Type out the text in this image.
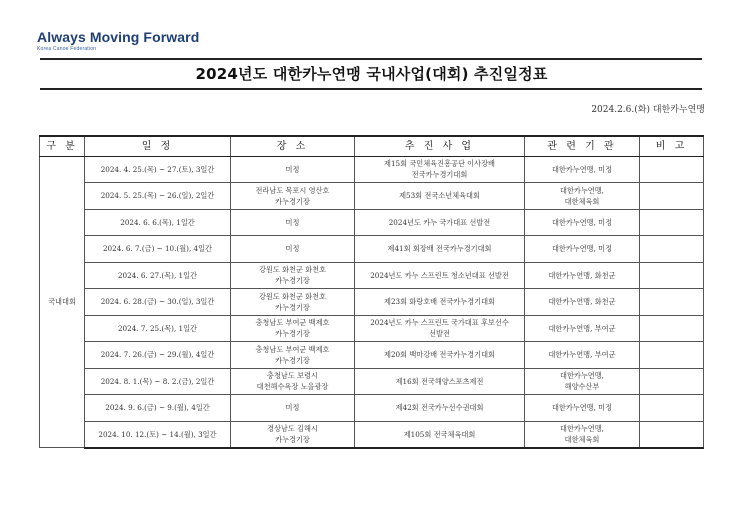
Always Moving Forward
Korea Canoe Federation
2024년도 대한카누연맹 국내사업(대회) 추진일정표
2024.2.6.(화) 대한카누연맹
구 분	일 정	장 소	추 진 사 업	관 련 기 관	비 고
국내대회	2024. 4. 25.(목) ~ 27.(토), 3일간	미정	제15회 국민체육진흥공단 이사장배
전국카누경기대회	대한카누연맹, 미정	
	2024. 5. 25.(목) ~ 26.(일), 2일간	전라남도 목포시 영산호
카누경기장	제53회 전국소년체육대회	대한카누연맹,
대한체육회	
	2024. 6. 6.(목), 1일간	미정	2024년도 카누 국가대표 선발전	대한카누연맹, 미정	
	2024. 6. 7.(금) ~ 10.(월), 4일간	미정	제41회 회장배 전국카누경기대회	대한카누연맹, 미정	
	2024. 6. 27.(목), 1일간	강원도 화천군 화천호
카누경기장	2024년도 카누 스프린트 청소년대표 선발전	대한카누연맹, 화천군	
	2024. 6. 28.(금) ~ 30.(일), 3일간	강원도 화천군 화천호
카누경기장	제23회 화랑호배 전국카누경기대회	대한카누연맹, 화천군	
	2024. 7. 25.(목), 1일간	충청남도 부여군 백제호
카누경기장	2024년도 카누 스프린트 국가대표 후보선수
선발전	대한카누연맹, 부여군	
	2024. 7. 26.(금) ~ 29.(월), 4일간	충청남도 부여군 백제호
카누경기장	제20회 백마강배 전국카누경기대회	대한카누연맹, 부여군	
	2024. 8. 1.(목) ~ 8. 2.(금), 2일간	충청남도 보령시
대천해수욕장 노을광장	제16회 전국해양스포츠제전	대한카누연맹,
해양수산부	
	2024. 9. 6.(금) ~ 9.(월), 4일간	미정	제42회 전국카누선수권대회	대한카누연맹, 미정	
	2024. 10. 12.(토) ~ 14.(월), 3일간	경상남도 김해시
카누경기장	제105회 전국체육대회	대한카누연맹,
대한체육회	
